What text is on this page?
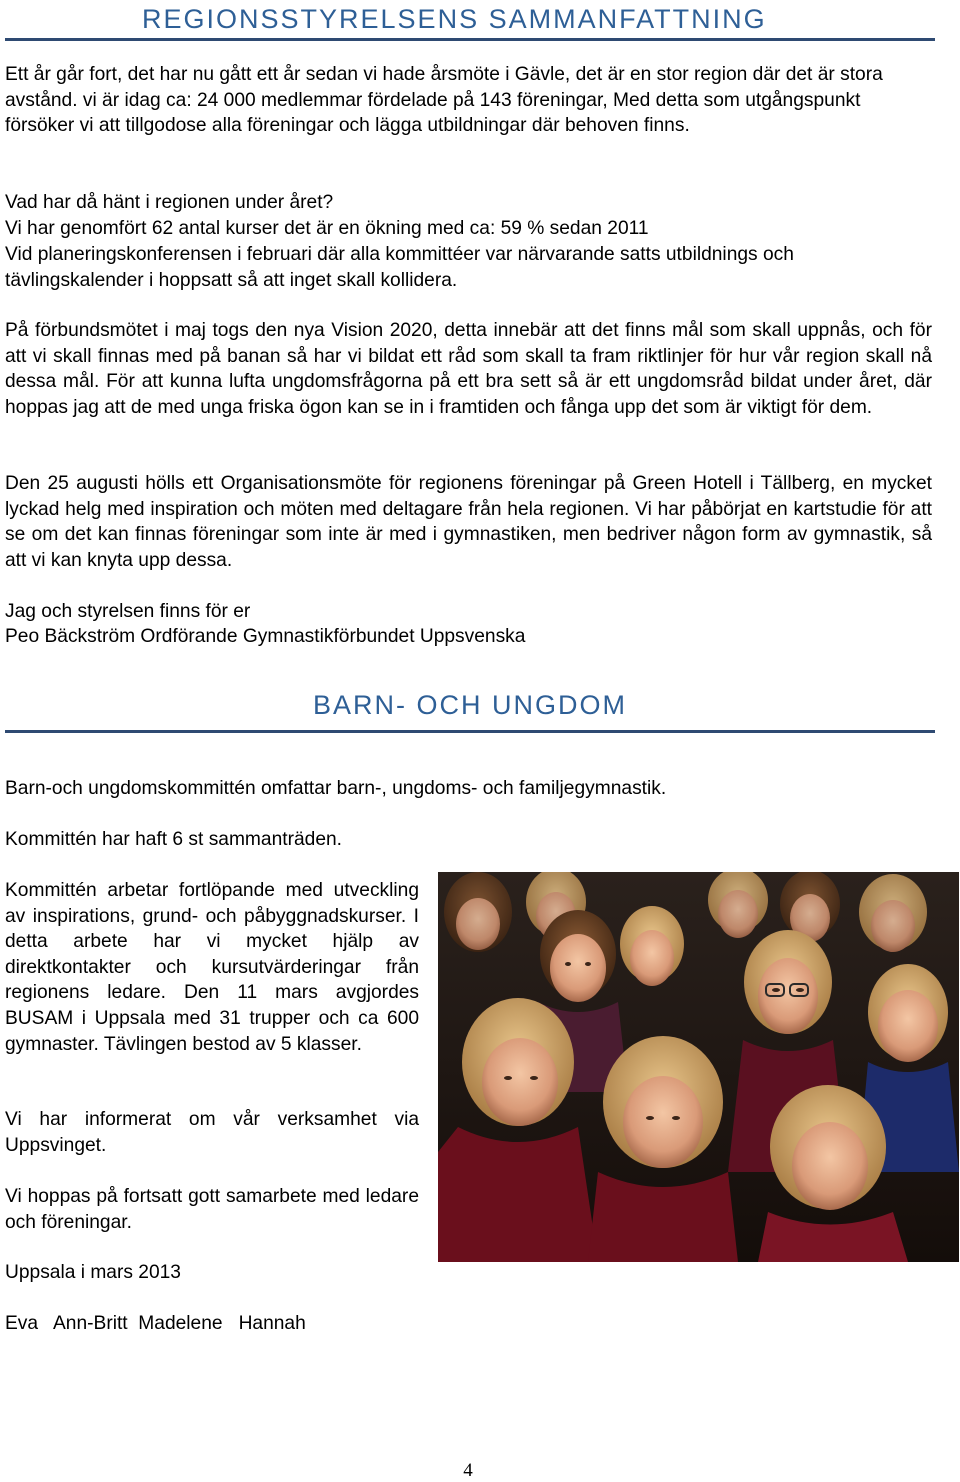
REGIONSSTYRELSENS SAMMANFATTNING

Ett år går fort, det har nu gått ett år sedan vi hade årsmöte i Gävle, det är en stor region där det är stora avstånd. vi är idag ca: 24 000 medlemmar fördelade på 143 föreningar, Med detta som utgångspunkt försöker vi att tillgodose alla föreningar och lägga utbildningar där behoven finns.

Vad har då hänt i regionen under året?

Vi har genomfört 62 antal kurser det är en ökning med ca: 59 % sedan 2011

Vid planeringskonferensen i februari där alla kommittéer var närvarande satts utbildnings och tävlingskalender i hoppsatt så att inget skall kollidera.

På förbundsmötet i maj togs den nya Vision 2020, detta innebär att det finns mål som skall uppnås, och för att vi skall finnas med på banan så har vi bildat ett råd som skall ta fram riktlinjer för hur vår region skall nå dessa mål. För att kunna lufta ungdomsfrågorna på ett bra sett så är ett ungdomsråd bildat under året, där hoppas jag att de med unga friska ögon kan se in i framtiden och fånga upp det som är viktigt för dem.

Den 25 augusti hölls ett Organisationsmöte för regionens föreningar på Green Hotell i Tällberg, en mycket lyckad helg med inspiration och möten med deltagare från hela regionen. Vi har påbörjat en kartstudie för att se om det kan finnas föreningar som inte är med i gymnastiken, men bedriver någon form av gymnastik, så att vi kan knyta upp dessa.

Jag och styrelsen finns för er

Peo Bäckström Ordförande Gymnastikförbundet Uppsvenska

BARN- OCH UNGDOM

Barn-och ungdomskommittén omfattar barn-, ungdoms- och familjegymnastik.

Kommittén har haft 6 st sammanträden.

Kommittén arbetar fortlöpande med utveckling av inspirations, grund- och påbyggnadskurser. I detta arbete har vi mycket hjälp av direktkontakter och kursutvärderingar från regionens ledare. Den 11 mars avgjordes BUSAM i Uppsala med 31 trupper och ca 600 gymnaster. Tävlingen bestod av 5 klasser.

Vi har informerat om vår verksamhet via Uppsvinget.

Vi hoppas på fortsatt gott samarbete med ledare och föreningar.

Uppsala i mars 2013

Eva   Ann-Britt  Madelene   Hannah

4
